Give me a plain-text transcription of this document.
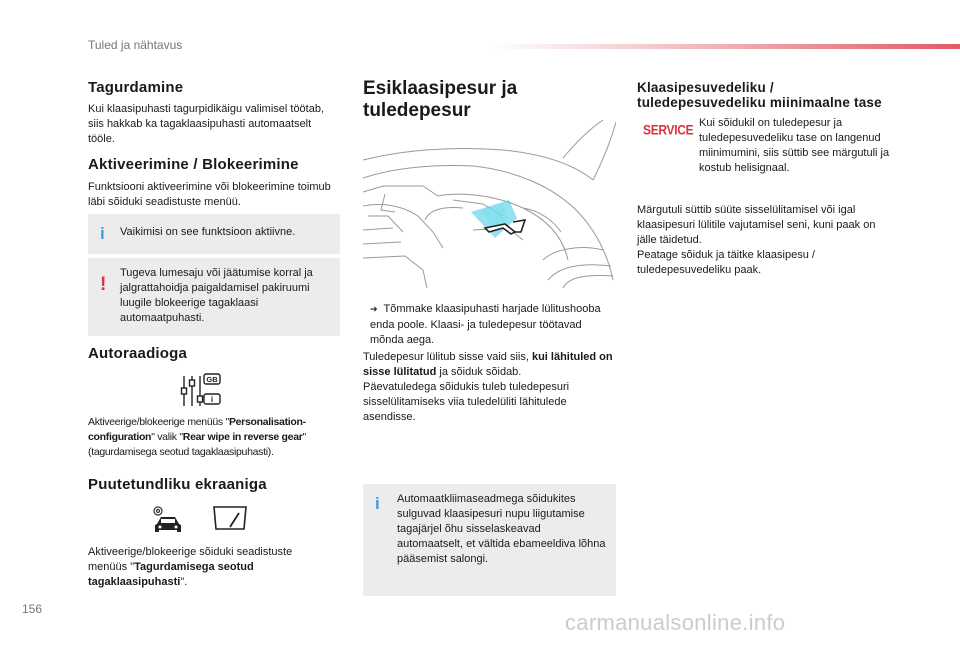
Tuled ja nähtavus
Tagurdamine

Kui klaasipuhasti tagurpidikäigu valimisel töötab, siis hakkab ka tagaklaasipuhasti automaatselt tööle.

Aktiveerimine / Blokeerimine

Funktsiooni aktiveerimine või blokeerimine toimub läbi sõiduki seadistuste menüü.

i Vaikimisi on see funktsioon aktiivne.

!

Tugeva lumesaju või jäätumise korral ja jalgrattahoidja paigaldamisel pakiruumi luugile blokeerige tagaklaasi automaatpuhasti.

Autoraadioga
GB
i

Aktiveerige/blokeerige menüüs "Personalisation-configuration" valik "Rear wipe in reverse gear" (tagurdamisega seotud tagaklaasipuhasti).

Puutetundliku ekraaniga

Aktiveerige/blokeerige sõiduki seadistuste menüüs "Tagurdamisega seotud tagaklaasipuhasti".

Esiklaasipesur ja
tuledepesur

➔ Tõmmake klaasipuhasti harjade lülitushooba enda poole. Klaasi- ja tuledepesur töötavad mõnda aega.

Tuledepesur lülitub sisse vaid siis, kui lähituled on sisse lülitatud ja sõiduk sõidab.

Päevatuledega sõidukis tuleb tuledepesuri sisselülitamiseks viia tuledelüliti lähitulede asendisse.

i Automaatkliimaseadmega sõidukites sulguvad klaasipesuri nupu liigutamise tagajärjel õhu sisselaskeavad automaatselt, et vältida ebameeldiva lõhna pääsemist salongi.

Klaasipesuvedeliku /
tuledepesuvedeliku miinimaalne tase
SERVICE Kui sõidukil on tuledepesur ja tuledepesuvedeliku tase on langenud miinimumini, siis süttib see märgutuli ja kostub helisignaal.

Märgutuli süttib süüte sisselülitamisel või igal klaasipesuri lülitile vajutamisel seni, kuni paak on jälle täidetud.

Peatage sõiduk ja täitke klaasipesu / tuledepesuvedeliku paak.

156
carmanualsonline.info
